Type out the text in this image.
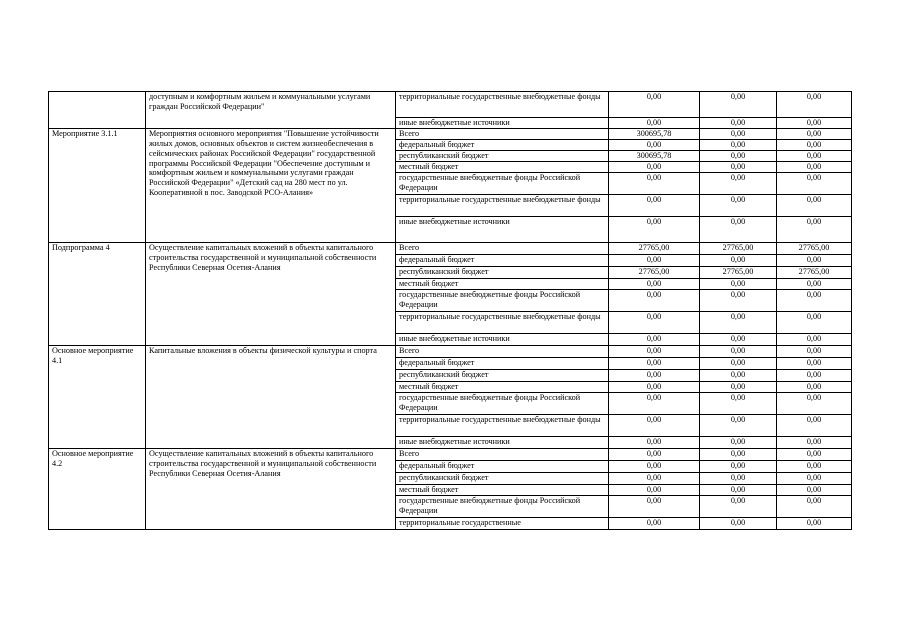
	доступным и комфортным жильем и коммунальными услугами граждан Российской Федерации"	территориальные государственные внебюджетные фонды	0,00	0,00	0,00
		иные внебюджетные источники	0,00	0,00	0,00
Мероприятие 3.1.1	Мероприятия основного мероприятия "Повышение устойчивости жилых домов, основных объектов и систем жизнеобеспечения в сейсмических районах Российской Федерации" государственной программы Российской Федерации "Обеспечение доступным и комфортным жильем и коммунальными услугами граждан Российской Федерации" «Детский сад на 280 мест по ул. Кооперативной в пос. Заводской РСО-Алания»	Всего	300695,78	0,00	0,00
		федеральный бюджет	0,00	0,00	0,00
		республиканский бюджет	300695,78	0,00	0,00
		местный бюджет	0,00	0,00	0,00
		государственные внебюджетные фонды Российской Федерации	0,00	0,00	0,00
		территориальные государственные внебюджетные фонды	0,00	0,00	0,00
		иные внебюджетные источники	0,00	0,00	0,00
Подпрограмма 4	Осуществление капитальных вложений в объекты капитального строительства государственной и муниципальной собственности Республики Северная Осетия-Алания	Всего	27765,00	27765,00	27765,00
		федеральный бюджет	0,00	0,00	0,00
		республиканский бюджет	27765,00	27765,00	27765,00
		местный бюджет	0,00	0,00	0,00
		государственные внебюджетные фонды Российской Федерации	0,00	0,00	0,00
		территориальные государственные внебюджетные фонды	0,00	0,00	0,00
		иные внебюджетные источники	0,00	0,00	0,00
Основное мероприятие 4.1	Капитальные вложения в объекты физической культуры и спорта	Всего	0,00	0,00	0,00
		федеральный бюджет	0,00	0,00	0,00
		республиканский бюджет	0,00	0,00	0,00
		местный бюджет	0,00	0,00	0,00
		государственные внебюджетные фонды Российской Федерации	0,00	0,00	0,00
		территориальные государственные внебюджетные фонды	0,00	0,00	0,00
		иные внебюджетные источники	0,00	0,00	0,00
Основное мероприятие 4.2	Осуществление капитальных вложений в объекты капитального строительства государственной и муниципальной собственности Республики Северная Осетия-Алания	Всего	0,00	0,00	0,00
		федеральный бюджет	0,00	0,00	0,00
		республиканский бюджет	0,00	0,00	0,00
		местный бюджет	0,00	0,00	0,00
		государственные внебюджетные фонды Российской Федерации	0,00	0,00	0,00
		территориальные государственные	0,00	0,00	0,00
